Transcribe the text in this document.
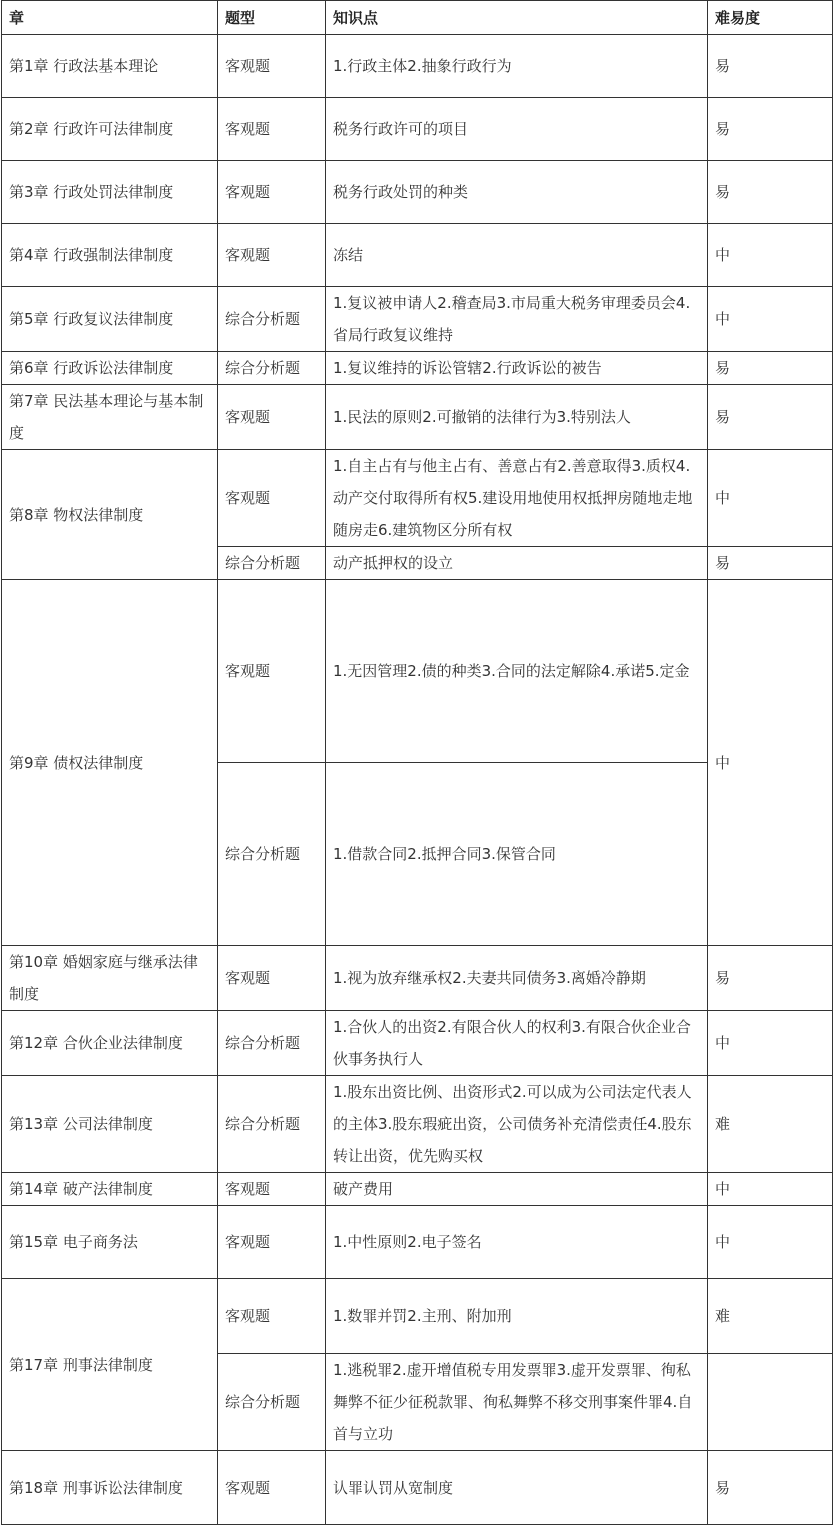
章	题型	知识点	难易度
第1章 行政法基本理论	客观题	1.行政主体2.抽象行政行为	易
第2章 行政许可法律制度	客观题	税务行政许可的项目	易
第3章 行政处罚法律制度	客观题	税务行政处罚的种类	易
第4章 行政强制法律制度	客观题	冻结	中
第5章 行政复议法律制度	综合分析题	1.复议被申请人2.稽查局3.市局重大税务审理委员会4.省局行政复议维持	中
第6章 行政诉讼法律制度	综合分析题	1.复议维持的诉讼管辖2.行政诉讼的被告	易
第7章 民法基本理论与基本制度	客观题	1.民法的原则2.可撤销的法律行为3.特别法人	易
第8章 物权法律制度	客观题	1.自主占有与他主占有、善意占有2.善意取得3.质权4.动产交付取得所有权5.建设用地使用权抵押房随地走地随房走6.建筑物区分所有权	中
	综合分析题	动产抵押权的设立	易
第9章 债权法律制度	客观题	1.无因管理2.债的种类3.合同的法定解除4.承诺5.定金	中
	综合分析题	1.借款合同2.抵押合同3.保管合同	
第10章 婚姻家庭与继承法律制度	客观题	1.视为放弃继承权2.夫妻共同债务3.离婚冷静期	易
第12章 合伙企业法律制度	综合分析题	1.合伙人的出资2.有限合伙人的权利3.有限合伙企业合伙事务执行人	中
第13章 公司法律制度	综合分析题	1.股东出资比例、出资形式2.可以成为公司法定代表人的主体3.股东瑕疵出资，公司债务补充清偿责任4.股东转让出资，优先购买权	难
第14章 破产法律制度	客观题	破产费用	中
第15章 电子商务法	客观题	1.中性原则2.电子签名	中
第17章 刑事法律制度	客观题	1.数罪并罚2.主刑、附加刑	难
	综合分析题	1.逃税罪2.虚开增值税专用发票罪3.虚开发票罪、徇私舞弊不征少征税款罪、徇私舞弊不移交刑事案件罪4.自首与立功	
第18章 刑事诉讼法律制度	客观题	认罪认罚从宽制度	易
